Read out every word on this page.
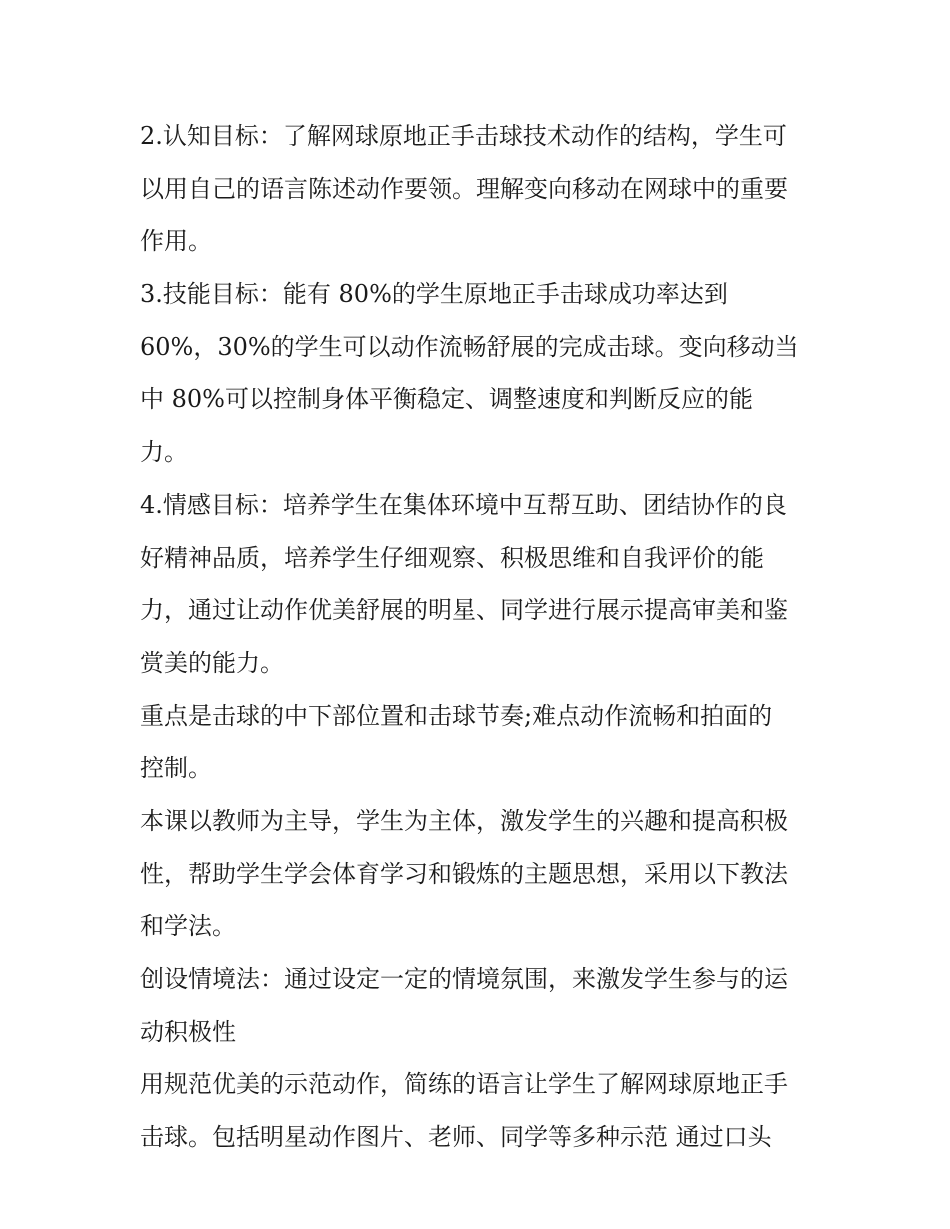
2.认知目标：了解网球原地正手击球技术动作的结构，学生可
以用自己的语言陈述动作要领。理解变向移动在网球中的重要
作用。
3.技能目标：能有 80%的学生原地正手击球成功率达到
60%，30%的学生可以动作流畅舒展的完成击球。变向移动当
中 80%可以控制身体平衡稳定、调整速度和判断反应的能
力。
4.情感目标：培养学生在集体环境中互帮互助、团结协作的良
好精神品质，培养学生仔细观察、积极思维和自我评价的能
力，通过让动作优美舒展的明星、同学进行展示提高审美和鉴
赏美的能力。
重点是击球的中下部位置和击球节奏;难点动作流畅和拍面的
控制。
本课以教师为主导，学生为主体，激发学生的兴趣和提高积极
性，帮助学生学会体育学习和锻炼的主题思想，采用以下教法
和学法。
创设情境法：通过设定一定的情境氛围，来激发学生参与的运
动积极性
用规范优美的示范动作，简练的语言让学生了解网球原地正手
击球。包括明星动作图片、老师、同学等多种示范 通过口头
